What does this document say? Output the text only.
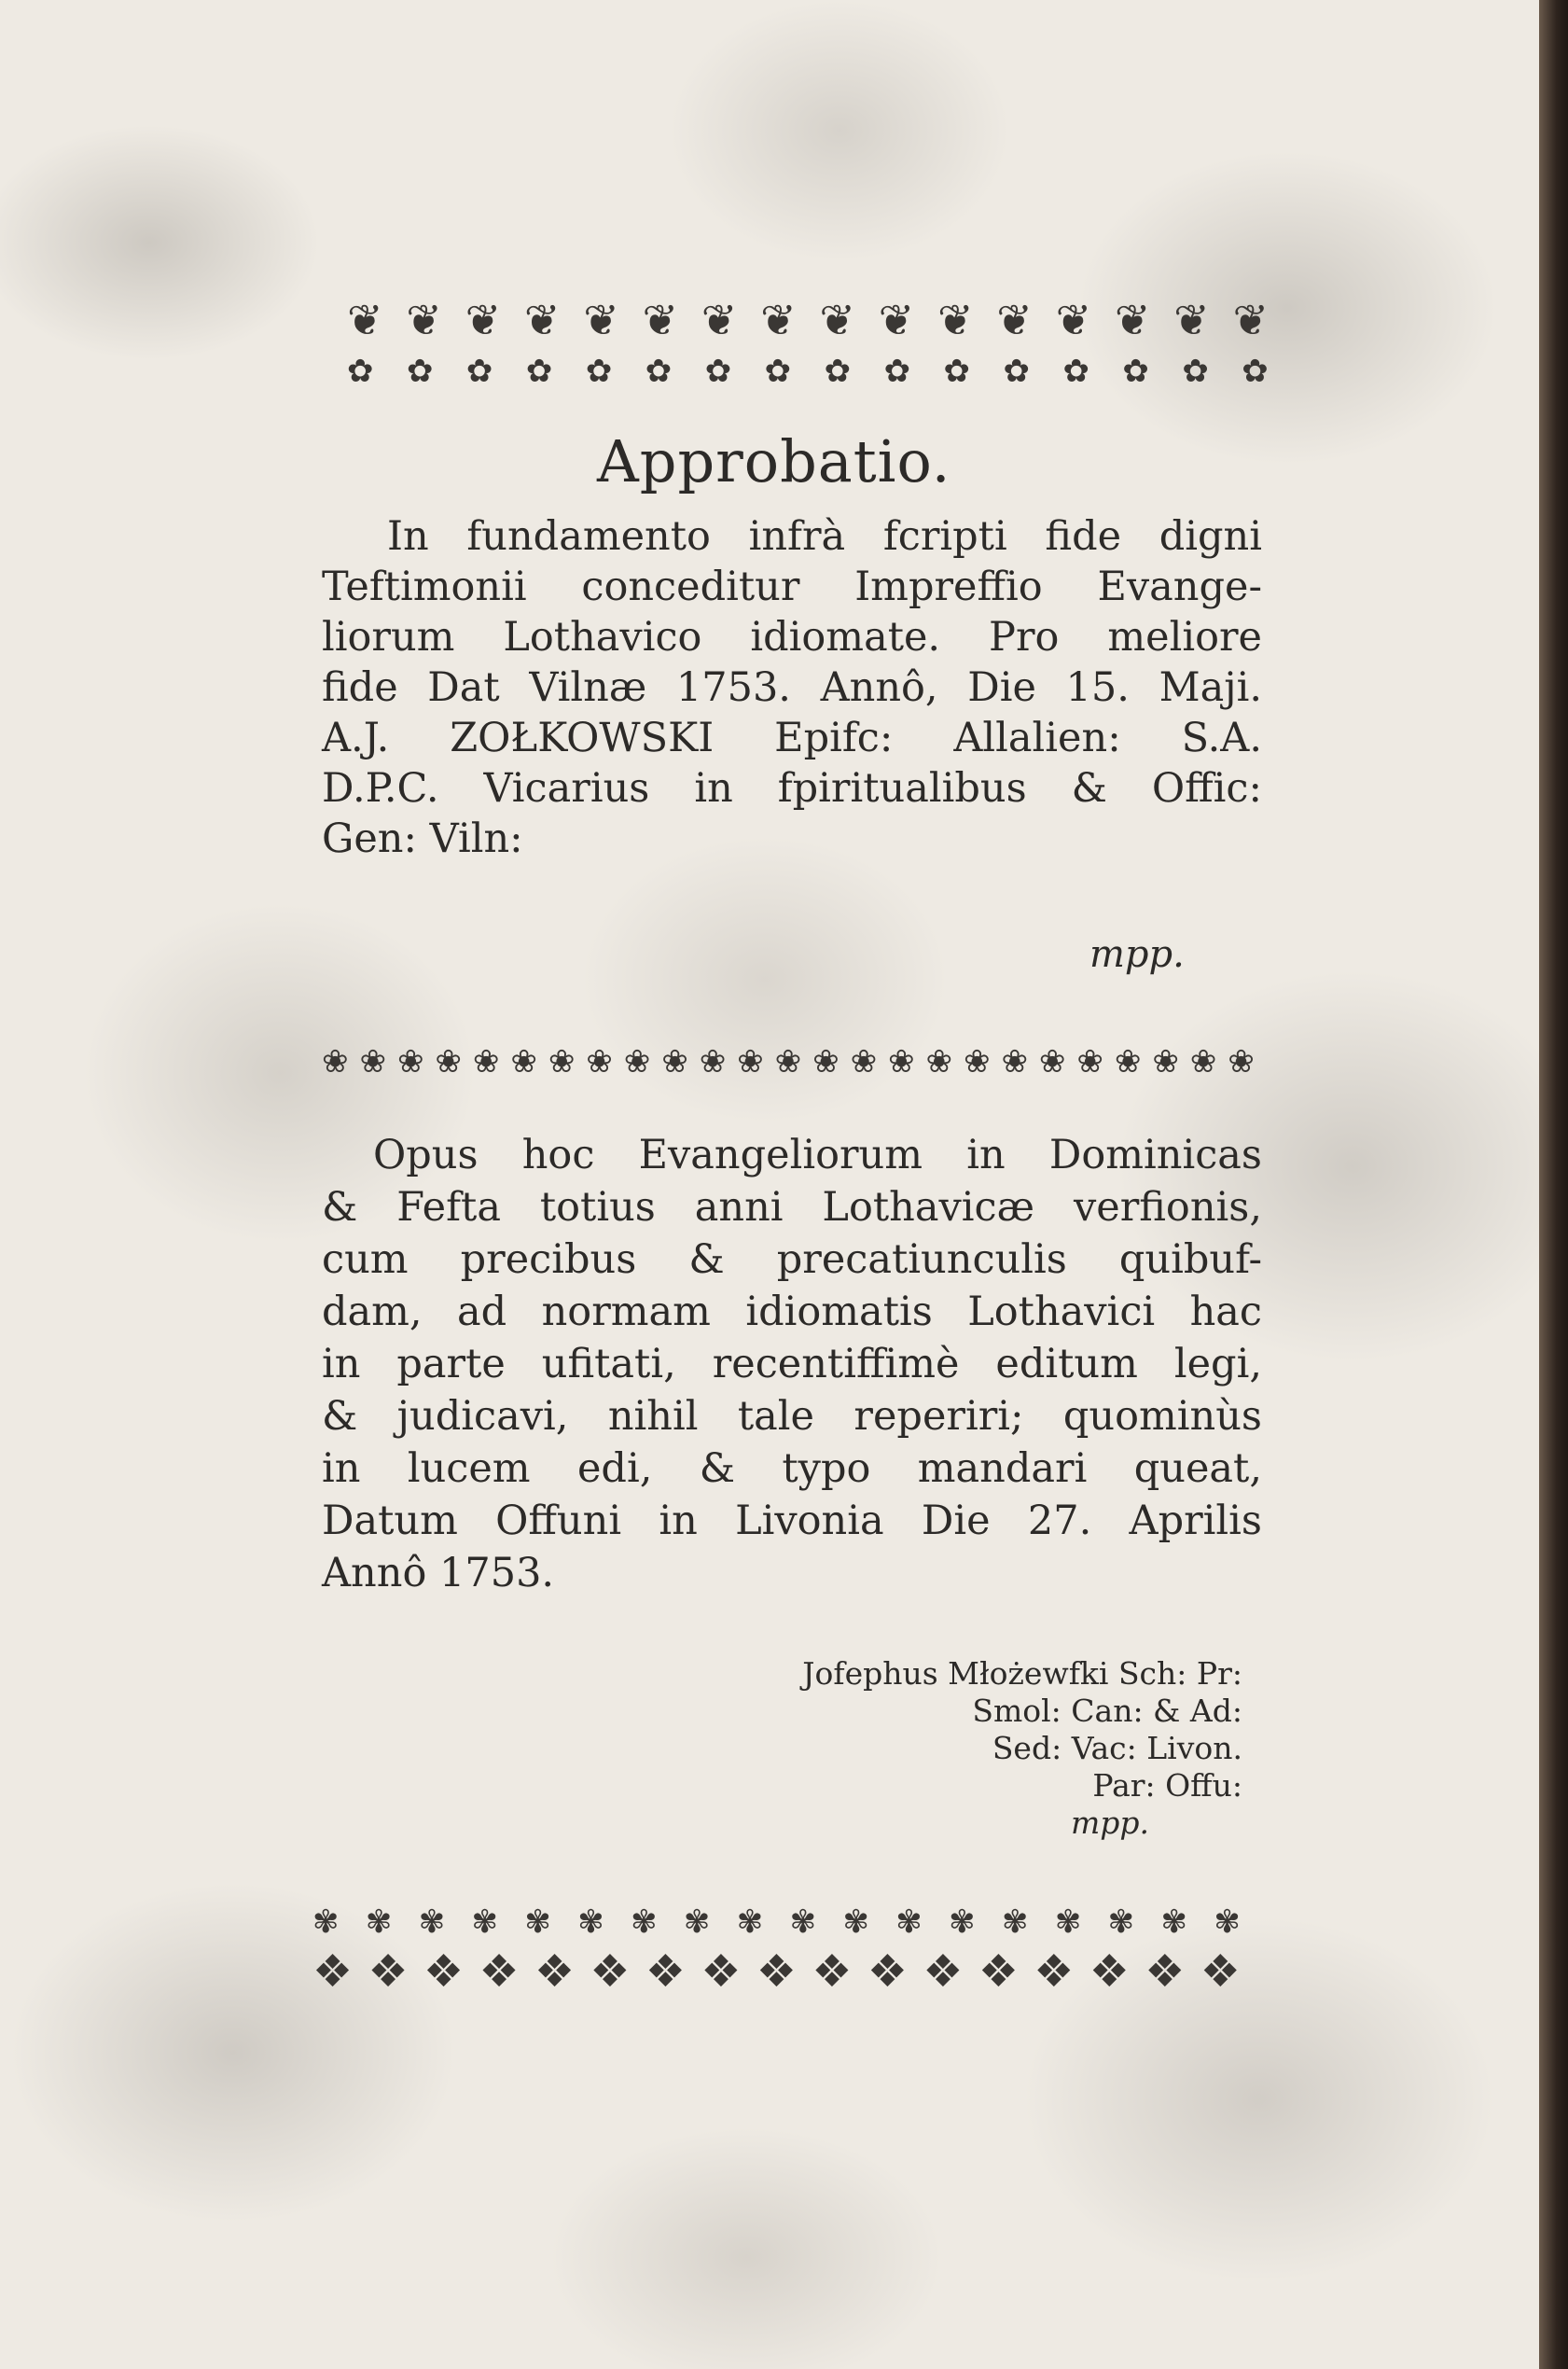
❦ ❦ ❦ ❦ ❦ ❦ ❦ ❦ ❦ ❦ ❦ ❦ ❦ ❦ ❦ ❦
✿ ✿ ✿ ✿ ✿ ✿ ✿ ✿ ✿ ✿ ✿ ✿ ✿ ✿ ✿ ✿
Approbatio.
In fundamento infrà fcripti fide digni
Teftimonii conceditur Impreffio Evange-
liorum Lothavico idiomate. Pro meliore
fide Dat Vilnæ 1753. Annô, Die 15. Maji.
A.J. ZOŁKOWSKI Epifc: Allalien: S.A.
D.P.C. Vicarius in fpiritualibus & Offic:
Gen: Viln:
mpp.
❀ ❀ ❀ ❀ ❀ ❀ ❀ ❀ ❀ ❀ ❀ ❀ ❀ ❀ ❀ ❀ ❀ ❀ ❀ ❀ ❀ ❀ ❀ ❀ ❀
Opus hoc Evangeliorum in Dominicas
& Fefta totius anni Lothavicæ verfionis,
cum precibus & precatiunculis quibuf-
dam, ad normam idiomatis Lothavici hac
in parte ufitati, recentiffimè editum legi,
& judicavi, nihil tale reperiri; quominùs
in lucem edi, & typo mandari queat,
Datum Offuni in Livonia Die 27. Aprilis
Annô 1753.
Jofephus Młożewfki Sch: Pr:
Smol: Can: & Ad:
Sed: Vac: Livon.
Par: Offu:
mpp.
✾ ✾ ✾ ✾ ✾ ✾ ✾ ✾ ✾ ✾ ✾ ✾ ✾ ✾ ✾ ✾ ✾ ✾
❖ ❖ ❖ ❖ ❖ ❖ ❖ ❖ ❖ ❖ ❖ ❖ ❖ ❖ ❖ ❖ ❖
